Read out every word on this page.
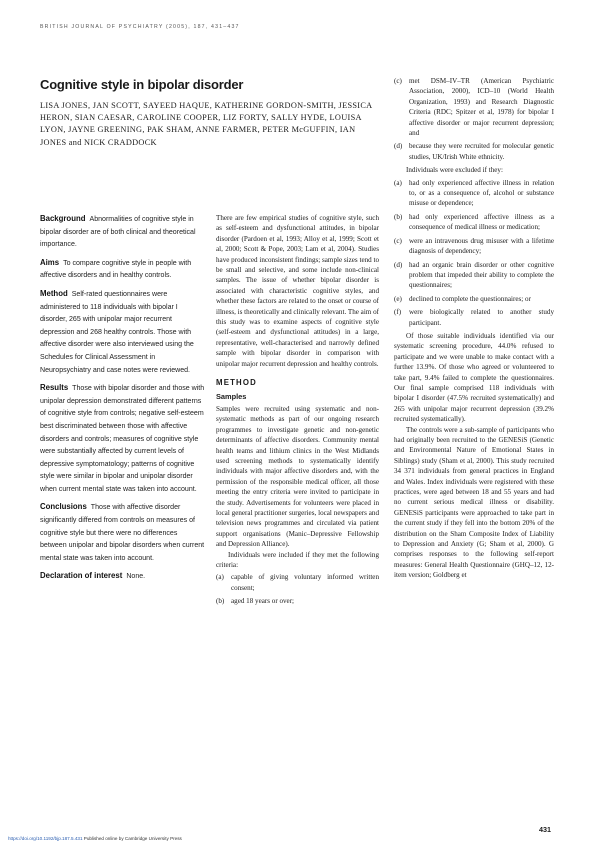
BRITISH JOURNAL OF PSYCHIATRY (2005), 187, 431–437
Cognitive style in bipolar disorder
LISA JONES, JAN SCOTT, SAYEED HAQUE, KATHERINE GORDON-SMITH, JESSICA HERON, SIAN CAESAR, CAROLINE COOPER, LIZ FORTY, SALLY HYDE, LOUISA LYON, JAYNE GREENING, PAK SHAM, ANNE FARMER, PETER McGUFFIN, IAN JONES and NICK CRADDOCK

Background Abnormalities of cognitive style in bipolar disorder are of both clinical and theoretical importance.

Aims To compare cognitive style in people with affective disorders and in healthy controls.

Method Self-rated questionnaires were administered to 118 individuals with bipolar I disorder, 265 with unipolar major recurrent depression and 268 healthy controls. Those with affective disorder were also interviewed using the Schedules for Clinical Assessment in Neuropsychiatry and case notes were reviewed.

Results Those with bipolar disorder and those with unipolar depression demonstrated different patterns of cognitive style from controls; negative self-esteem best discriminated between those with affective disorders and controls; measures of cognitive style were substantially affected by current levels of depressive symptomatology; patterns of cognitive style were similar in bipolar and unipolar disorder when current mental state was taken into account.

Conclusions Those with affective disorder significantly differed from controls on measures of cognitive style but there were no differences between unipolar and bipolar disorders when current mental state was taken into account.

Declaration of interest None.

There are few empirical studies of cognitive style, such as self-esteem and dysfunctional attitudes, in bipolar disorder (Pardoen et al, 1993; Alloy et al, 1999; Scott et al, 2000; Scott & Pope, 2003; Lam et al, 2004). Studies have produced inconsistent findings; sample sizes tend to be small and selective, and some include non-clinical samples. The issue of whether bipolar disorder is associated with characteristic cognitive styles, and whether these factors are related to the onset or course of illness, is theoretically and clinically relevant. The aim of this study was to examine aspects of cognitive style (self-esteem and dysfunctional attitudes) in a large, representative, well-characterised and narrowly defined sample with bipolar disorder in comparison with unipolar major recurrent depression and healthy controls.

METHOD
Samples

Samples were recruited using systematic and non-systematic methods as part of our ongoing research programmes to investigate genetic and non-genetic determinants of affective disorders. Community mental health teams and lithium clinics in the West Midlands used screening methods to systematically identify individuals with major affective disorders and, with the permission of the responsible medical officer, all those meeting the entry criteria were invited to participate in the study. Advertisements for volunteers were placed in local general practitioner surgeries, local newspapers and television news programmes and circulated via patient support organisations (Manic–Depressive Fellowship and Depression Alliance).

Individuals were included if they met the following criteria:

(a)	capable of giving voluntary informed written consent;
(b) aged 18 years or over;
(c)	met DSM–IV–TR (American Psychiatric Association, 2000), ICD–10 (World Health Organization, 1993) and Research Diagnostic Criteria (RDC; Spitzer et al, 1978) for bipolar I affective disorder or major recurrent depression; and
(d) because they were recruited for molecular genetic studies, UK/Irish White ethnicity.

Individuals were excluded if they:

(a)	had only experienced affective illness in relation to, or as a consequence of, alcohol or substance misuse or dependence;
(b) had only experienced affective illness as a consequence of medical illness or medication;
(c)	were an intravenous drug misuser with a lifetime diagnosis of dependency;
(d) had an organic brain disorder or other cognitive problem that impeded their ability to complete the questionnaires;
(e)	declined to complete the questionnaires; or
(f)	were biologically related to another study participant.

Of those suitable individuals identified via our systematic screening procedure, 44.0% refused to participate and we were unable to make contact with a further 13.9%. Of those who agreed or volunteered to take part, 9.4% failed to complete the questionnaires. Our final sample comprised 118 individuals with bipolar I disorder (47.5% recruited systematically) and 265 with unipolar major recurrent depression (39.2% recruited systematically).

The controls were a sub-sample of participants who had originally been recruited to the GENESiS (Genetic and Environmental Nature of Emotional States in Siblings) study (Sham et al, 2000). This study recruited 34 371 individuals from general practices in England and Wales. Index individuals were registered with these practices, were aged between 18 and 55 years and had no current serious medical illness or disability. GENESiS participants were approached to take part in the current study if they fell into the bottom 20% of the distribution on the Sham Composite Index of Liability to Depression and Anxiety (G; Sham et al, 2000). G comprises responses to the following self-report measures: General Health Questionnaire (GHQ–12, 12-item version; Goldberg et

431
https://doi.org/10.1192/bjp.187.5.431 Published online by Cambridge University Press
